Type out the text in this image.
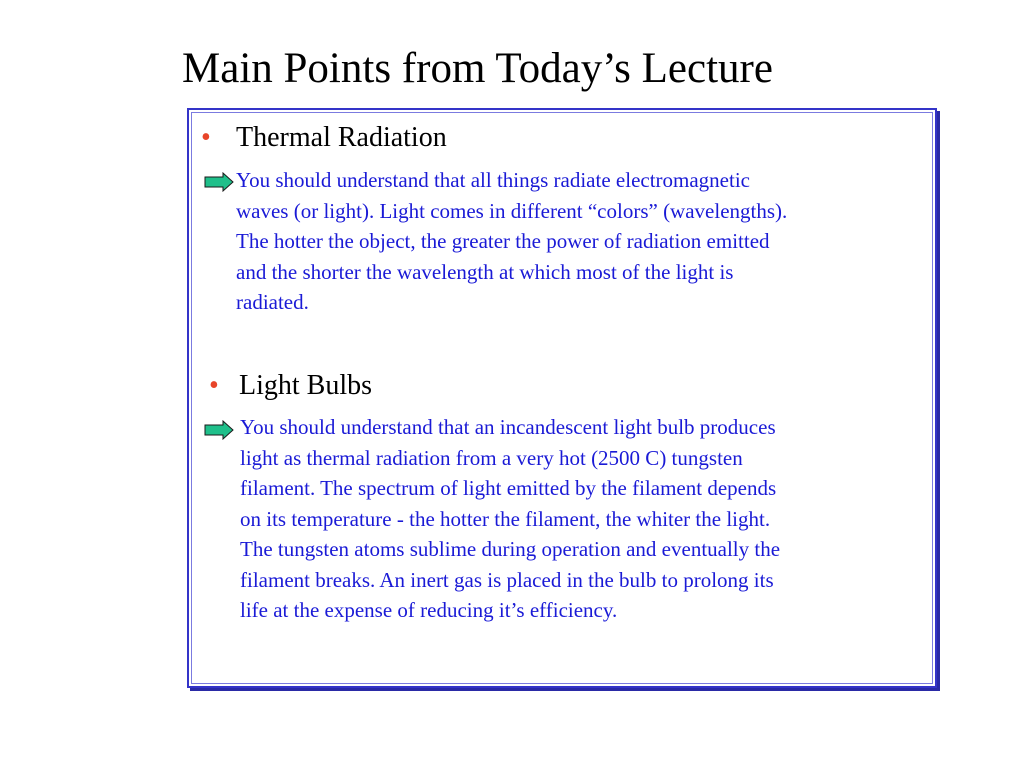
Main Points from Today’s Lecture
• Thermal Radiation

You should understand that all things radiate electromagnetic
waves (or light). Light comes in different “colors” (wavelengths).
The hotter the object, the greater the power of radiation emitted
and the shorter the wavelength at which most of the light is
radiated.

• Light Bulbs

You should understand that an incandescent light bulb produces
light as thermal radiation from a very hot (2500 C) tungsten
filament. The spectrum of light emitted by the filament depends
on its temperature - the hotter the filament, the whiter the light.
The tungsten atoms sublime during operation and eventually the
filament breaks. An inert gas is placed in the bulb to prolong its
life at the expense of reducing it’s efficiency.
